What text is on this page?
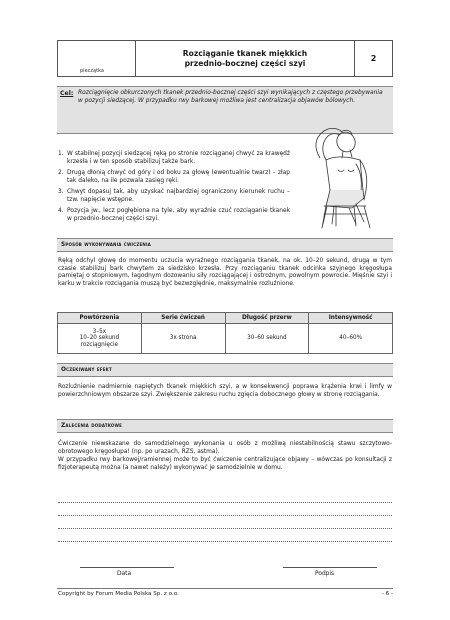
pieczątka
Rozciąganie tkanek miękkich
przednio-bocznej części szyi	2
Cel: Rozciągnięcie obkurczonych tkanek przednio-bocznej części szyi wynikających z częstego przebywania w pozycji siedzącej. W przypadku rwy barkowej możliwa jest centralizacja objawów bólowych.
1. W stabilnej pozycji siedzącej ręką po stronie rozciąganej chwyć za krawędź krzesła i w ten sposób stabilizuj także bark.
2. Drugą dłonią chwyć od góry i od boku za głowę (ewentualnie twarz) – złap tak daleko, na ile pozwala zasięg ręki.
3. Chwyt dopasuj tak, aby uzyskać najbardziej ograniczony kierunek ruchu – tzw. napięcie wstępne.
4. Pozycja jw., lecz pogłębiona na tyle, aby wyraźnie czuć rozciąganie tkanek w przednio-bocznej części szyi.
Sposób wykonywania ćwiczenia
Ręką odchyl głowę do momentu uczucia wyraźnego rozciągania tkanek, na ok. 10–20 sekund, drugą w tym czasie stabilizuj bark chwytem za siedzisko krzesła. Przy rozciąganiu tkanek odcinka szyjnego kręgosłupa pamiętaj o stopniowym, łagodnym dozowaniu siły rozciągającej i ostrożnym, powolnym powrocie. Mięśnie szyi i karku w trakcie rozciągania muszą być bezwzględnie, maksymalnie rozluźnione.
Powtórzenia	Serie ćwiczeń	Długość przerw	Intensywność
3–5x
10–20 sekund
rozciągnięcie	3x strona	30–60 sekund	40–60%
Oczekiwany efekt
Rozluźnienie nadmiernie napiętych tkanek miękkich szyi, a w konsekwencji poprawa krążenia krwi i limfy w powierzchniowym obszarze szyi. Zwiększenie zakresu ruchu zgięcia dobocznego głowy w stronę rozciągania.
Zalecenia dodatkowe
Ćwiczenie niewskazane do samodzielnego wykonania u osób z możliwą niestabilnością stawu szczytowo-obrotowego kręgosłupa! (np. po urazach, RZS, astma).
W przypadku rwy barkowej/ramiennej może to być ćwiczenie centralizujące objawy – wówczas po konsultacji z fizjoterapeutą można (a nawet należy) wykonywać je samodzielnie w domu.
Data	Podpis
Copyright by Forum Media Polska Sp. z o.o.	- 6 -
